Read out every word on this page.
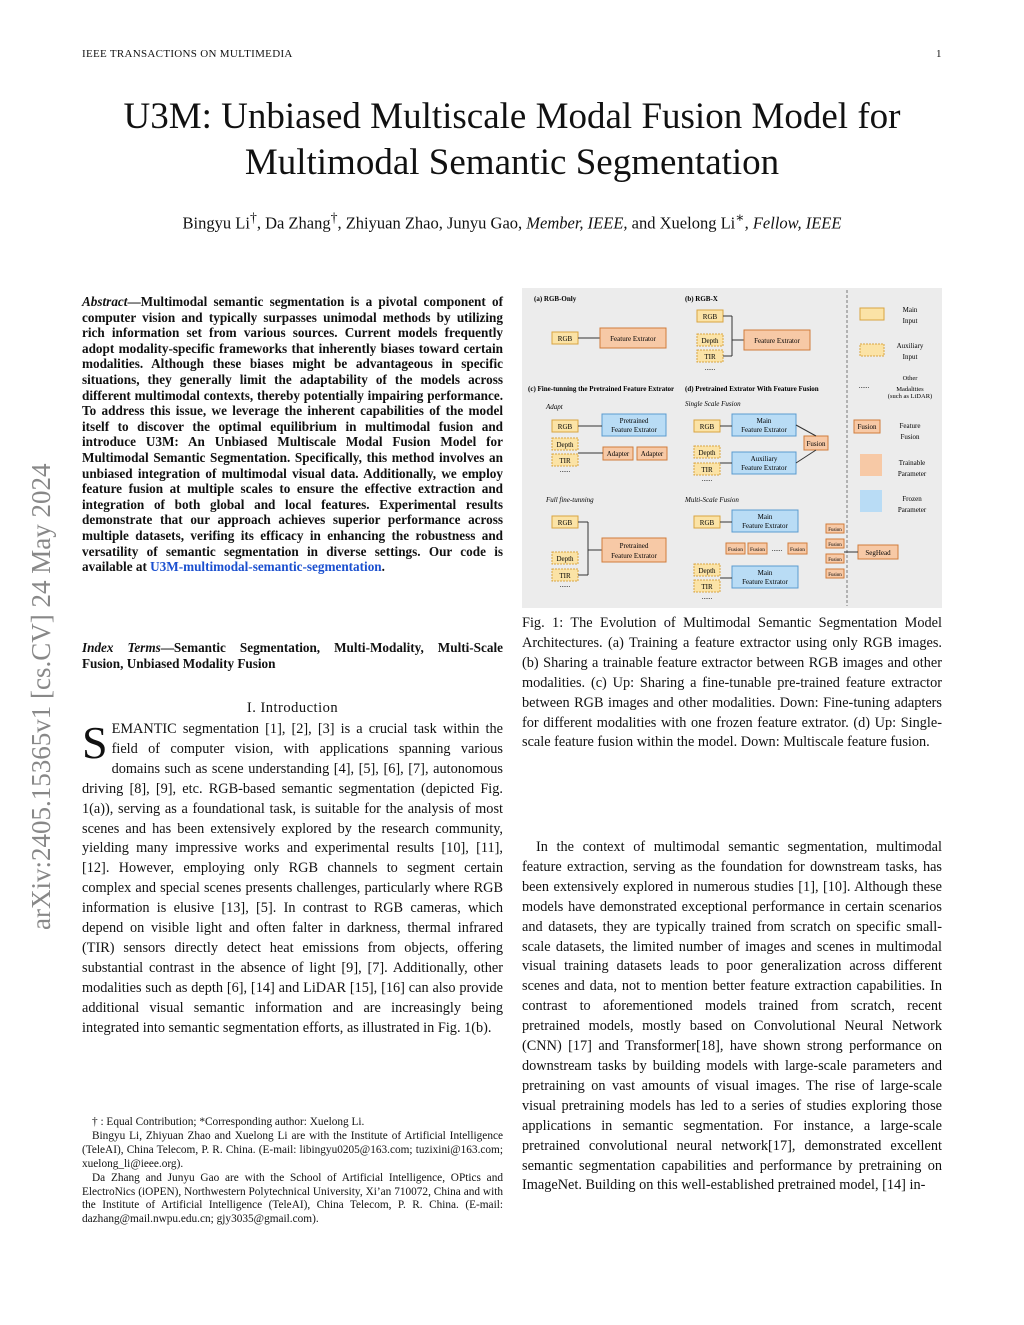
IEEE TRANSACTIONS ON MULTIMEDIA	1
U3M: Unbiased Multiscale Modal Fusion Model for
Multimodal Semantic Segmentation
Bingyu Li†, Da Zhang†, Zhiyuan Zhao, Junyu Gao, Member, IEEE, and Xuelong Li∗, Fellow, IEEE
arXiv:2405.15365v1 [cs.CV] 24 May 2024
Abstract—Multimodal semantic segmentation is a pivotal component of computer vision and typically surpasses unimodal methods by utilizing rich information set from various sources. Current models frequently adopt modality-specific frameworks that inherently biases toward certain modalities. Although these biases might be advantageous in specific situations, they generally limit the adaptability of the models across different multimodal contexts, thereby potentially impairing performance. To address this issue, we leverage the inherent capabilities of the model itself to discover the optimal equilibrium in multimodal fusion and introduce U3M: An Unbiased Multiscale Modal Fusion Model for Multimodal Semantic Segmentation. Specifically, this method involves an unbiased integration of multimodal visual data. Additionally, we employ feature fusion at multiple scales to ensure the effective extraction and integration of both global and local features. Experimental results demonstrate that our approach achieves superior performance across multiple datasets, verifing its efficacy in enhancing the robustness and versatility of semantic segmentation in diverse settings. Our code is available at U3M-multimodal-semantic-segmentation.
Index Terms—Semantic Segmentation, Multi-Modality, Multi-Scale Fusion, Unbiased Modality Fusion
I. Introduction
SEMANTIC segmentation [1], [2], [3] is a crucial task within the field of computer vision, with applications spanning various domains such as scene understanding [4], [5], [6], [7], autonomous driving [8], [9], etc. RGB-based semantic segmentation (depicted Fig. 1(a)), serving as a foundational task, is suitable for the analysis of most scenes and has been extensively explored by the research community, yielding many impressive works and experimental results [10], [11], [12]. However, employing only RGB channels to segment certain complex and special scenes presents challenges, particularly where RGB information is elusive [13], [5]. In contrast to RGB cameras, which depend on visible light and often falter in darkness, thermal infrared (TIR) sensors directly detect heat emissions from objects, offering substantial contrast in the absence of light [9], [7]. Additionally, other modalities such as depth [6], [14] and LiDAR [15], [16] can also provide additional visual semantic information and are increasingly being integrated into semantic segmentation efforts, as illustrated in Fig. 1(b).

† : Equal Contribution; *Corresponding author: Xuelong Li.

Bingyu Li, Zhiyuan Zhao and Xuelong Li are with the Institute of Artificial Intelligence (TeleAI), China Telecom, P. R. China. (E-mail: libingyu0205@163.com; tuzixini@163.com; xuelong_li@ieee.org).

Da Zhang and Junyu Gao are with the School of Artificial Intelligence, OPtics and ElectroNics (iOPEN), Northwestern Polytechnical University, Xi’an 710072, China and with the Institute of Artificial Intelligence (TeleAI), China Telecom, P. R. China. (E-mail: dazhang@mail.nwpu.edu.cn; gjy3035@gmail.com).

(a) RGB-Only
RGB	Feature Extrator
(b) RGB-X
RGB
Depth
TIR
......
Feature Extrator
(c) Fine-tunning the Pretrained Feature Extrator
Adapt
RGB
Depth
TIR
......
Pretrained
Feature Extrator
Adapter Adapter
Full fine-tunning
RGB
Depth
TIR
......
Pretrained
Feature Extrator
(d) Pretrained Extrator With Feature Fusion
Single Scale Fusion
RGB
Depth
TIR
......
Main
Feature Extrator
Auxiliary
Feature Extrator
Fusion
Multi-Scale Fusion
RGB
Depth
TIR
......
Main
Feature Extrator
Fusion Fusion ...... Fusion
Main
Feature Extrator
Fusion
Fusion
Fusion
Fusion
SegHead
Main Input
Auxiliary Input
......
Other Madalities
(such as LiDAR)
Fusion	Feature Fusion
Trainable Parameter
Frozen Parameter
Fig. 1: The Evolution of Multimodal Semantic Segmentation Model Architectures. (a) Training a feature extractor using only RGB images. (b) Sharing a trainable feature extractor between RGB images and other modalities. (c) Up: Sharing a fine-tunable pre-trained feature extractor between RGB images and other modalities. Down: Fine-tuning adapters for different modalities with one frozen feature extrator. (d) Up: Single-scale feature fusion within the model. Down: Multiscale feature fusion.

In the context of multimodal semantic segmentation, multimodal feature extraction, serving as the foundation for downstream tasks, has been extensively explored in numerous studies [1], [10]. Although these models have demonstrated exceptional performance in certain scenarios and datasets, they are typically trained from scratch on specific small-scale datasets, the limited number of images and scenes in multimodal visual training datasets leads to poor generalization across different scenes and data, not to mention better feature extraction capabilities. In contrast to aforementioned models trained from scratch, recent pretrained models, mostly based on Convolutional Neural Network (CNN) [17] and Transformer[18], have shown strong performance on downstream tasks by building models with large-scale parameters and pretraining on vast amounts of visual images. The rise of large-scale visual pretraining models has led to a series of studies exploring those applications in semantic segmentation. For instance, a large-scale pretrained convolutional neural network[17], demonstrated excellent semantic segmentation capabilities and performance by pretraining on ImageNet. Building on this well-established pretrained model, [14] in-
